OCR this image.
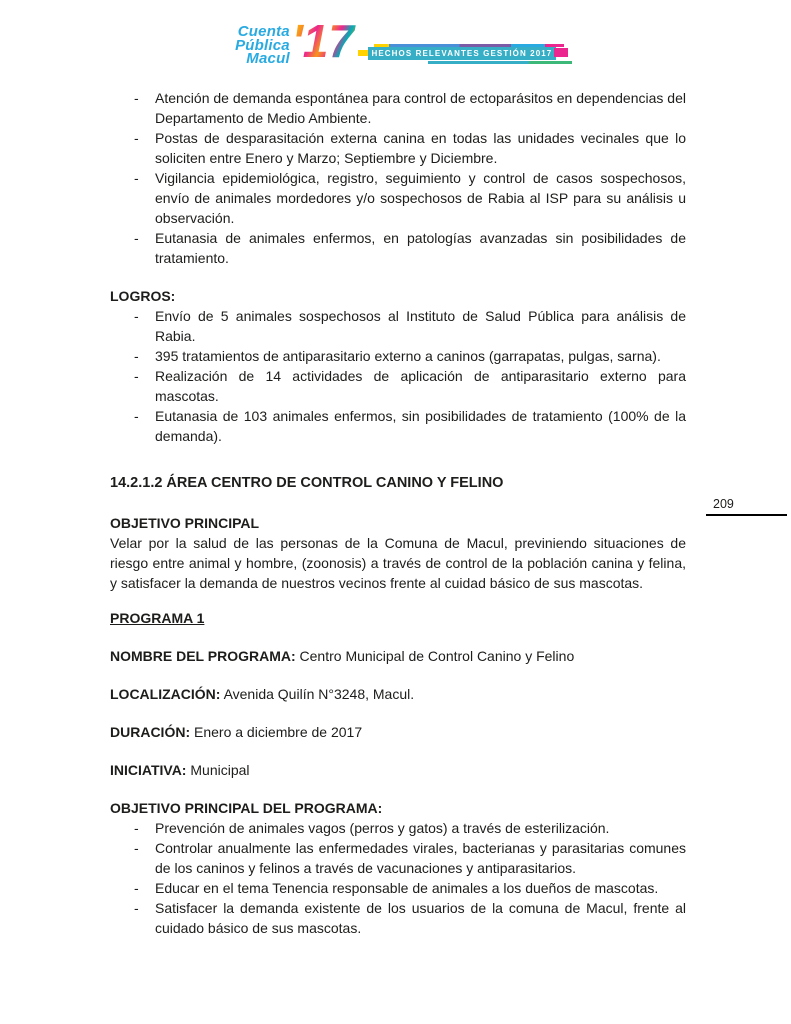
Cuenta
Pública
Macul '17	HECHOS RELEVANTES GESTIÓN 2017
209
- Atención de demanda espontánea para control de ectoparásitos en dependencias del Departamento de Medio Ambiente.
- Postas de desparasitación externa canina en todas las unidades vecinales que lo soliciten entre Enero y Marzo; Septiembre y Diciembre.
- Vigilancia epidemiológica, registro, seguimiento y control de casos sospechosos, envío de animales mordedores y/o sospechosos de Rabia al ISP para su análisis u observación.
- Eutanasia de animales enfermos, en patologías avanzadas sin posibilidades de tratamiento.
LOGROS:
- Envío de 5 animales sospechosos al Instituto de Salud Pública para análisis de Rabia.
- 395 tratamientos de antiparasitario externo a caninos (garrapatas, pulgas, sarna).
- Realización de 14 actividades de aplicación de antiparasitario externo para mascotas.
- Eutanasia de 103 animales enfermos, sin posibilidades de tratamiento (100% de la demanda).
14.2.1.2 ÁREA CENTRO DE CONTROL CANINO Y FELINO
OBJETIVO PRINCIPAL
Velar por la salud de las personas de la Comuna de Macul, previniendo situaciones de riesgo entre animal y hombre, (zoonosis) a través de control de la población canina y felina, y satisfacer la demanda de nuestros vecinos frente al cuidad básico de sus mascotas.
PROGRAMA 1
NOMBRE DEL PROGRAMA: Centro Municipal de Control Canino y Felino
LOCALIZACIÓN: Avenida Quilín N°3248, Macul.
DURACIÓN: Enero a diciembre de 2017
INICIATIVA: Municipal
OBJETIVO PRINCIPAL DEL PROGRAMA:
- Prevención de animales vagos (perros y gatos) a través de esterilización.
- Controlar anualmente las enfermedades virales, bacterianas y parasitarias comunes de los caninos y felinos a través de vacunaciones y antiparasitarios.
- Educar en el tema Tenencia responsable de animales a los dueños de mascotas.
- Satisfacer la demanda existente de los usuarios de la comuna de Macul, frente al cuidado básico de sus mascotas.
